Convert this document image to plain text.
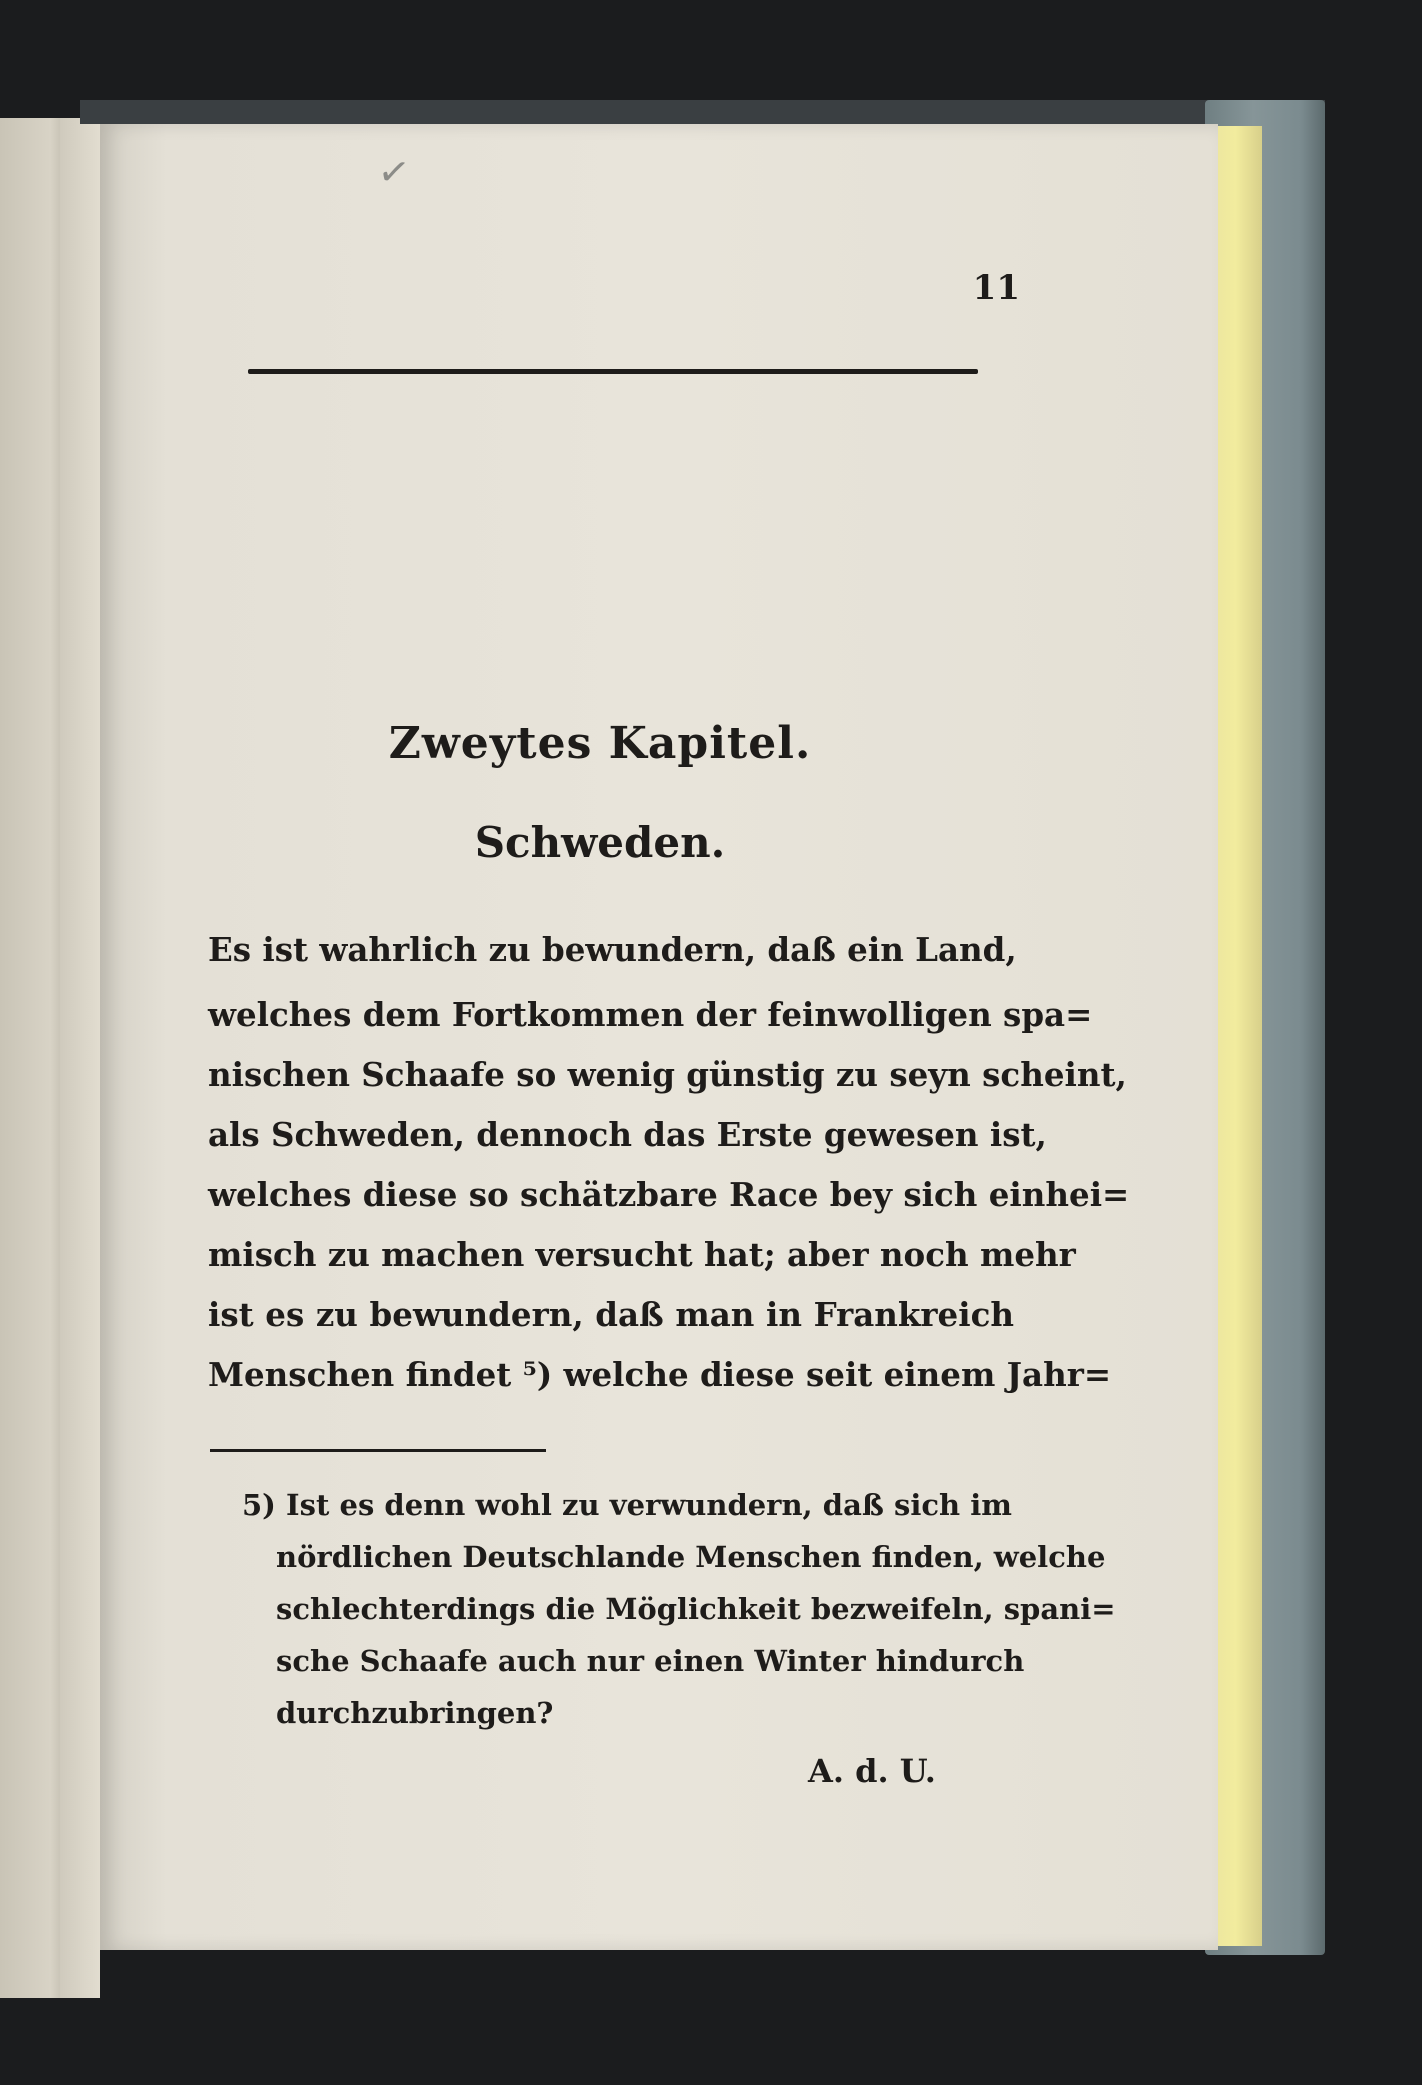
✓
11
Zweytes Kapitel.
Schweden.
Es ist wahrlich zu bewundern, daß ein Land,
welches dem Fortkommen der feinwolligen spa=
nischen Schaafe so wenig günstig zu seyn scheint,
als Schweden, dennoch das Erste gewesen ist,
welches diese so schätzbare Race bey sich einhei=
misch zu machen versucht hat; aber noch mehr
ist es zu bewundern, daß man in Frankreich
Menschen findet ⁵) welche diese seit einem Jahr=
5) Ist es denn wohl zu verwundern, daß sich im
nördlichen Deutschlande Menschen finden, welche
schlechterdings die Möglichkeit bezweifeln, spani=
sche Schaafe auch nur einen Winter hindurch
durchzubringen?
A. d. U.
